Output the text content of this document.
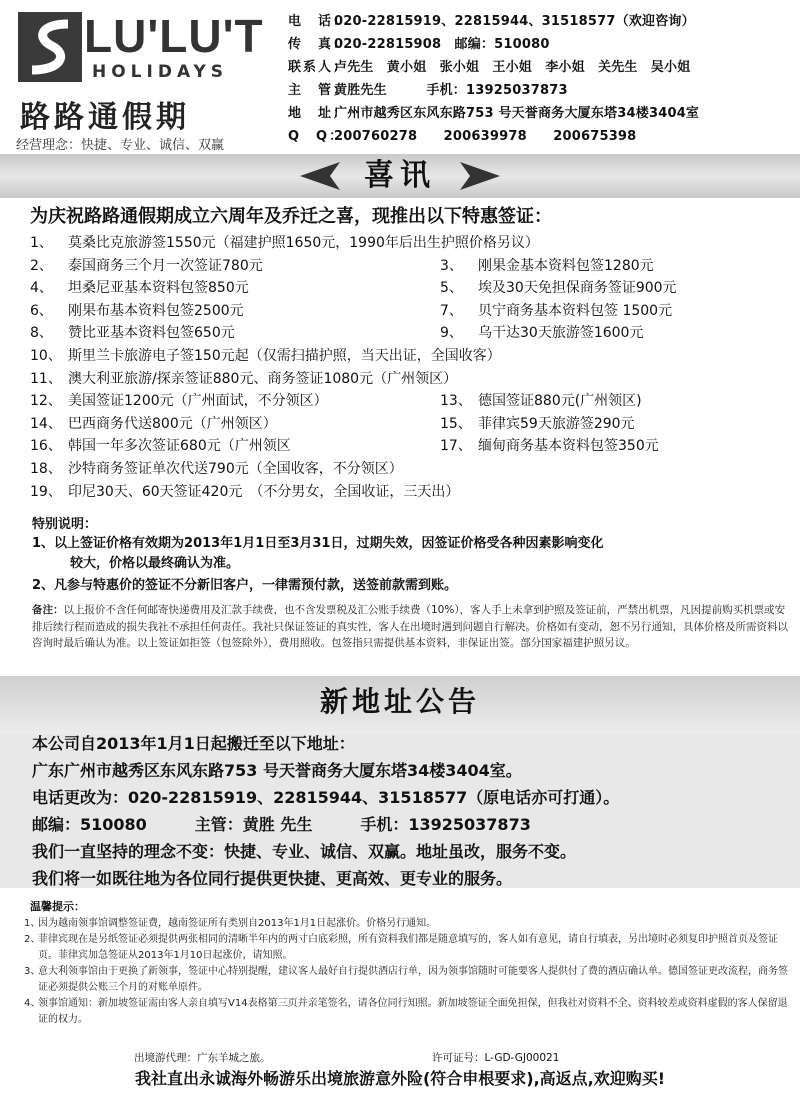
LU'LU'T
HOLIDAYS
路路通假期
经营理念：快捷、专业、诚信、双赢
电　话：
020-22815919、22815944、31518577（欢迎咨询）
传　真：
020-22815908　邮编：510080
联系人：
卢先生　黄小姐　张小姐　王小姐　李小姐　关先生　吴小姐
主　管：
黄胜先生　　　手机：13925037873
地　址：
广州市越秀区东风东路753 号天誉商务大厦东塔34楼3404室
Q　Q：
200760278　　200639978　　200675398
喜讯
为庆祝路路通假期成立六周年及乔迁之喜，现推出以下特惠签证：
1、 莫桑比克旅游签1550元（福建护照1650元，1990年后出生护照价格另议）
2、 泰国商务三个月一次签证780元	3、 刚果金基本资料包签1280元
4、 坦桑尼亚基本资料包签850元	5、 埃及30天免担保商务签证900元
6、 刚果布基本资料包签2500元	7、 贝宁商务基本资料包签 1500元
8、 赞比亚基本资料包签650元	9、 乌干达30天旅游签1600元
10、 斯里兰卡旅游电子签150元起（仅需扫描护照，当天出证，全国收客）
11、 澳大利亚旅游/探亲签证880元、商务签证1080元（广州领区）
12、 美国签证1200元（广州面试，不分领区）	13、 德国签证880元(广州领区)
14、 巴西商务代送800元（广州领区）	15、 菲律宾59天旅游签290元
16、 韩国一年多次签证680元（广州领区	17、 缅甸商务基本资料包签350元
18、 沙特商务签证单次代送790元（全国收客，不分领区）
19、 印尼30天、60天签证420元　（不分男女，全国收证，三天出）
特别说明：
1、以上签证价格有效期为2013年1月1日至3月31日，过期失效，因签证价格受各种因素影响变化
较大，价格以最终确认为准。
2、凡参与特惠价的签证不分新旧客户，一律需预付款，送签前款需到账。
备注：以上报价不含任何邮寄快递费用及汇款手续费，也不含发票税及汇公账手续费（10%），客人手上未拿到护照及签证前，严禁出机票，凡因提前购买机票或安排后续行程而造成的损失我社不承担任何责任。我社只保证签证的真实性，客人在出境时遇到问题自行解决。价格如有变动，恕不另行通知，具体价格及所需资料以咨询时最后确认为准。以上签证如拒签（包签除外），费用照收。包签指只需提供基本资料，非保证出签。部分国家福建护照另议。
新地址公告
本公司自2013年1月1日起搬迁至以下地址：
广东广州市越秀区东风东路753 号天誉商务大厦东塔34楼3404室。
电话更改为：020-22815919、22815944、31518577（原电话亦可打通）。
邮编：510080　　　主管：黄胜 先生　　　手机：13925037873
我们一直坚持的理念不变：快捷、专业、诚信、双赢。地址虽改，服务不变。
我们将一如既往地为各位同行提供更快捷、更高效、更专业的服务。
温馨提示：
1、
因为越南领事馆调整签证费，越南签证所有类别自2013年1月1日起涨价。价格另行通知。
2、
菲律宾现在是另纸签证必须提供两张相同的清晰半年内的两寸白底彩照，所有资料我们都是随意填写的，客人如有意见，请自行填表，另出境时必须复印护照首页及签证页。菲律宾加急签证从2013年1月10日起涨价，请知照。
3、
意大利领事馆由于更换了新领事，签证中心特别提醒，建议客人最好自行提供酒店行单，因为领事馆随时可能要客人提供付了费的酒店确认单。德国签证更改流程，商务签证必须提供公账三个月的对账单原件。
4、
领事馆通知：新加坡签证需由客人亲自填写V14表格第三页并亲笔签名，请各位同行知照。新加坡签证全面免担保，但我社对资料不全、资料较差或资料虚假的客人保留退证的权力。
出境游代理：广东羊城之旅。	许可证号：L-GD-GJ00021
我社直出永诚海外畅游乐出境旅游意外险(符合申根要求),高返点,欢迎购买!
